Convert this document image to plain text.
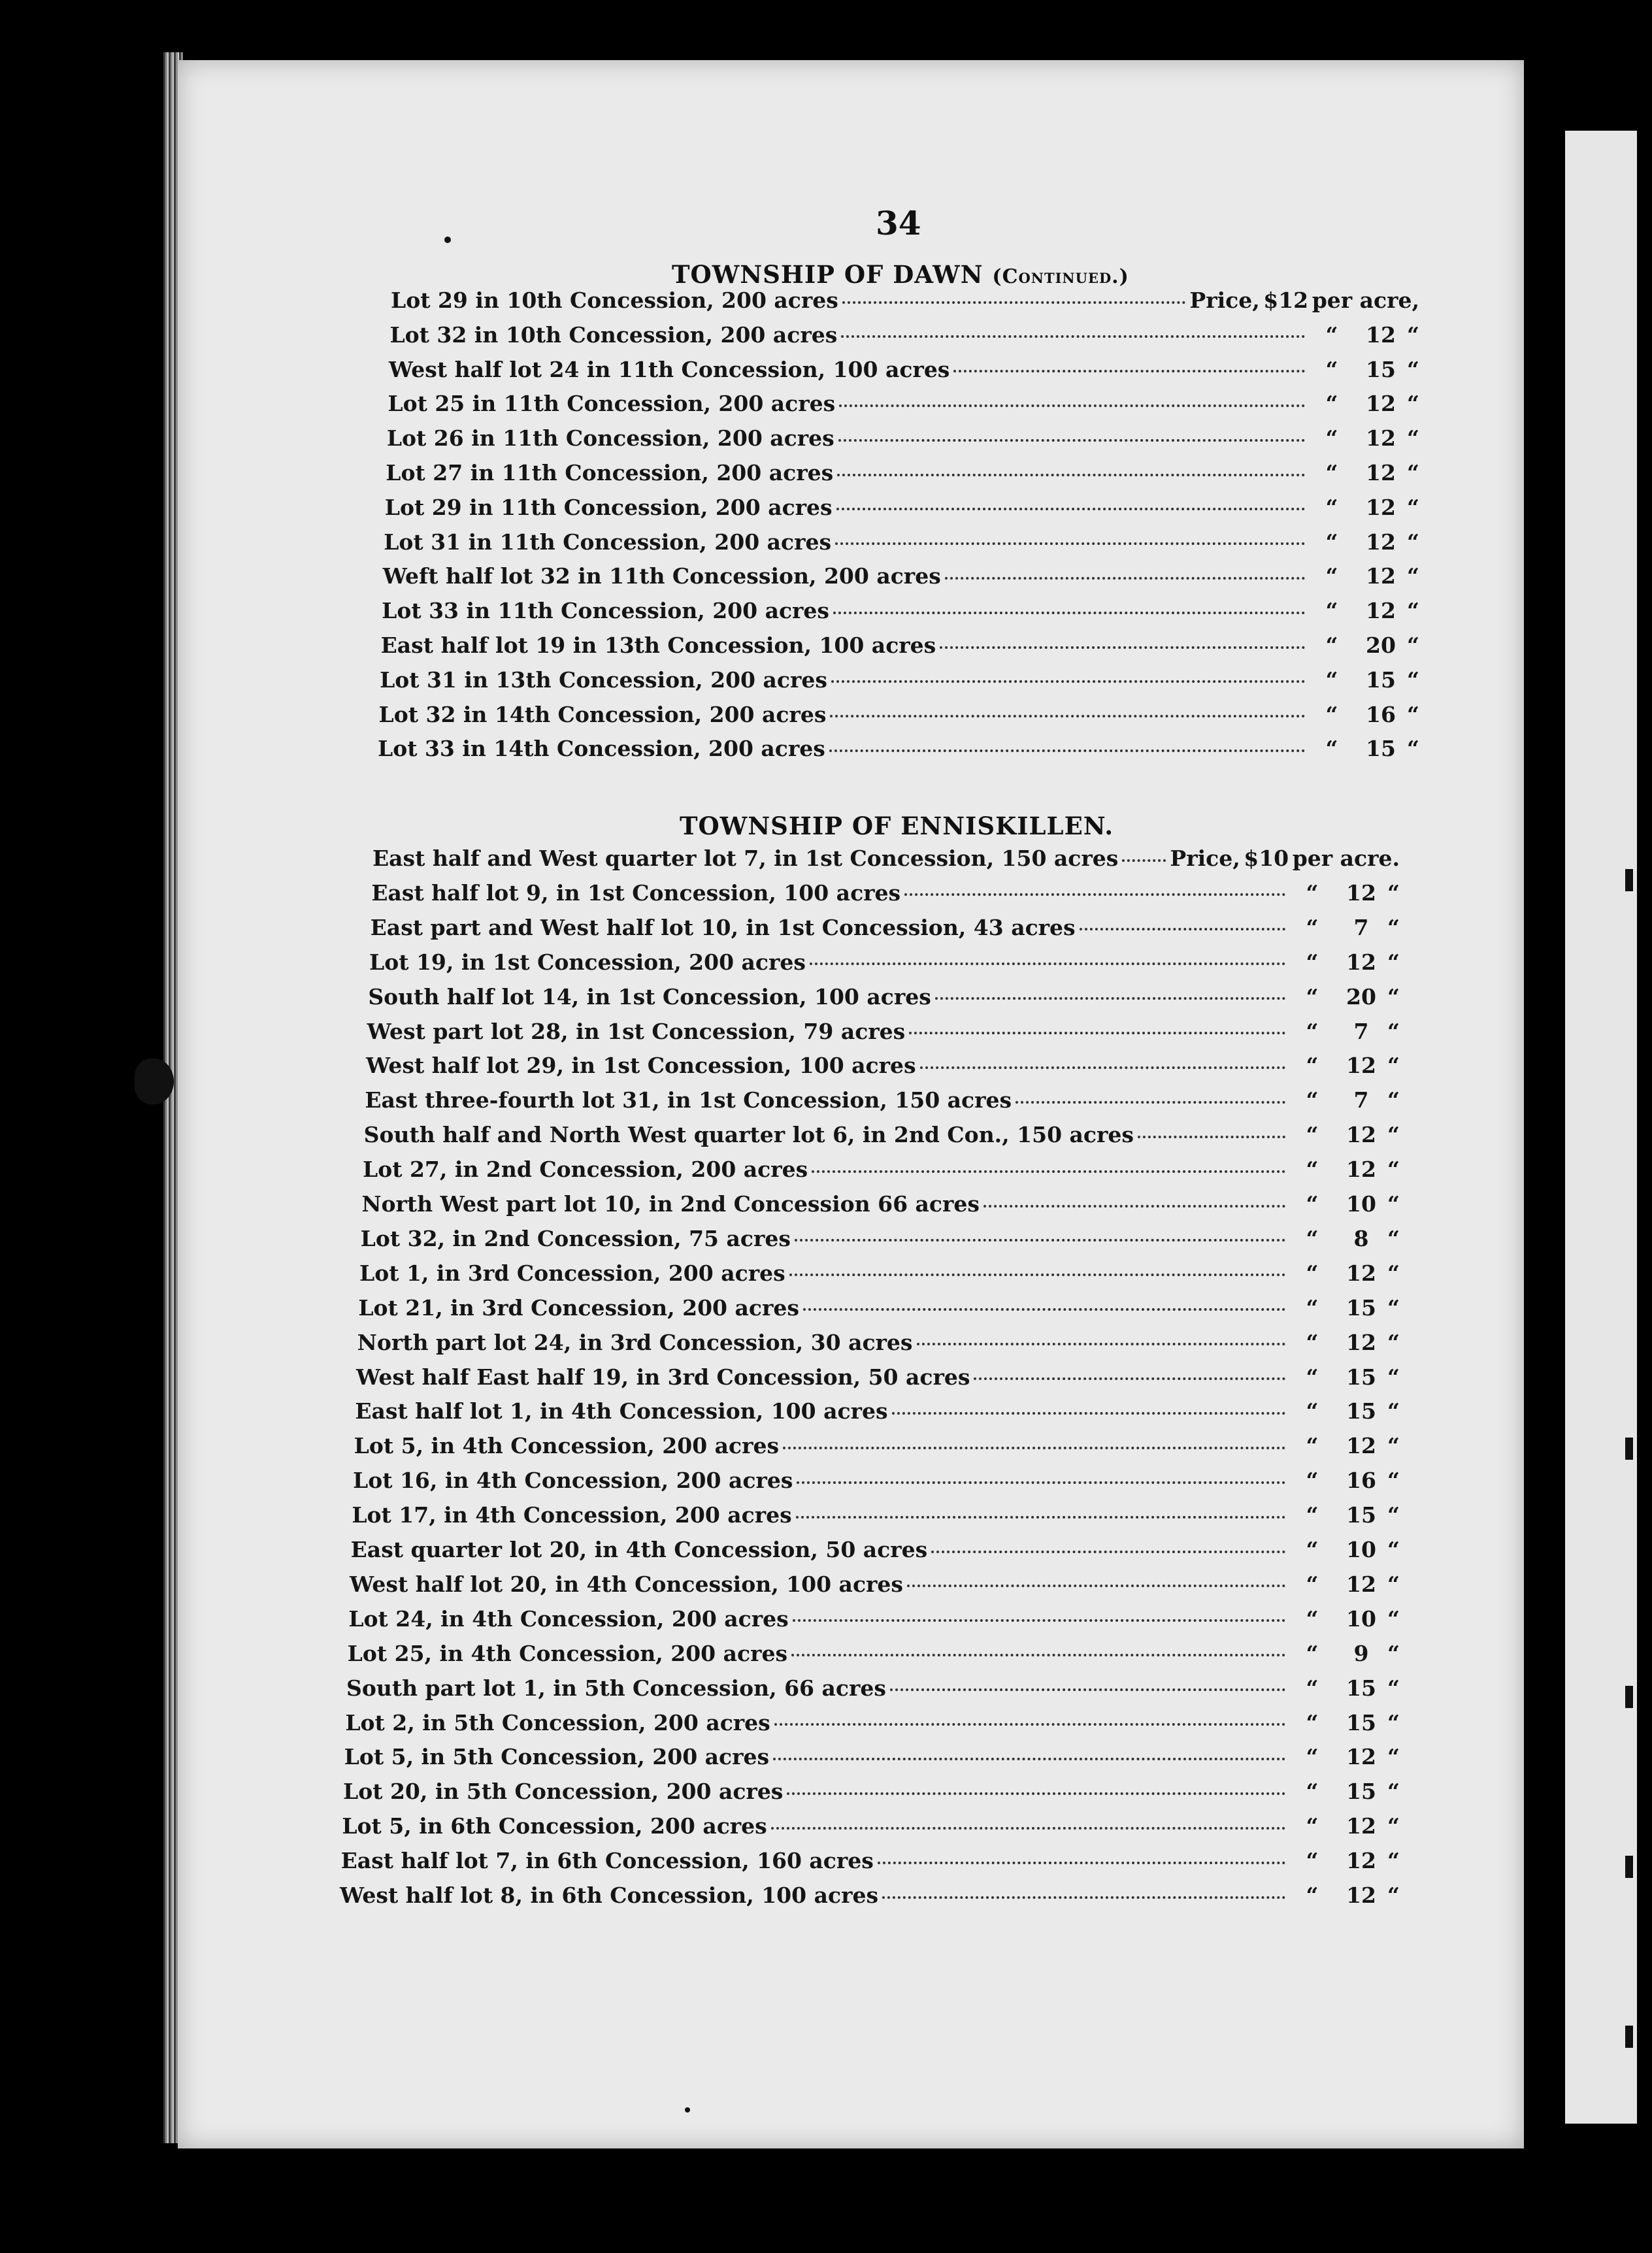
34
TOWNSHIP OF DAWN (Continued.)
Lot 29 in 10th Concession, 200 acres	Price, $12 per acre,
Lot 32 in 10th Concession, 200 acres	“	12 “
West half lot 24 in 11th Concession, 100 acres	“	15 “
Lot 25 in 11th Concession, 200 acres	“	12 “
Lot 26 in 11th Concession, 200 acres	“	12 “
Lot 27 in 11th Concession, 200 acres	“	12 “
Lot 29 in 11th Concession, 200 acres	“	12 “
Lot 31 in 11th Concession, 200 acres	“	12 “
Weft half lot 32 in 11th Concession, 200 acres	“	12 “
Lot 33 in 11th Concession, 200 acres	“	12 “
East half lot 19 in 13th Concession, 100 acres	“	20 “
Lot 31 in 13th Concession, 200 acres	“	15 “
Lot 32 in 14th Concession, 200 acres	“	16 “
Lot 33 in 14th Concession, 200 acres	“	15 “
TOWNSHIP OF ENNISKILLEN.
East half and West quarter lot 7, in 1st Concession, 150 acres Price, $10 per acre.
East half lot 9, in 1st Concession, 100 acres	“	12 “
East part and West half lot 10, in 1st Concession, 43 acres	“	7 “
Lot 19, in 1st Concession, 200 acres	“	12 “
South half lot 14, in 1st Concession, 100 acres	“	20 “
West part lot 28, in 1st Concession, 79 acres	“	7 “
West half lot 29, in 1st Concession, 100 acres	“	12 “
East three-fourth lot 31, in 1st Concession, 150 acres	“	7 “
South half and North West quarter lot 6, in 2nd Con., 150 acres	“	12 “
Lot 27, in 2nd Concession, 200 acres	“	12 “
North West part lot 10, in 2nd Concession 66 acres	“	10 “
Lot 32, in 2nd Concession, 75 acres	“	8 “
Lot 1, in 3rd Concession, 200 acres	“	12 “
Lot 21, in 3rd Concession, 200 acres	“	15 “
North part lot 24, in 3rd Concession, 30 acres	“	12 “
West half East half 19, in 3rd Concession, 50 acres	“	15 “
East half lot 1, in 4th Concession, 100 acres	“	15 “
Lot 5, in 4th Concession, 200 acres	“	12 “
Lot 16, in 4th Concession, 200 acres	“	16 “
Lot 17, in 4th Concession, 200 acres	“	15 “
East quarter lot 20, in 4th Concession, 50 acres	“	10 “
West half lot 20, in 4th Concession, 100 acres	“	12 “
Lot 24, in 4th Concession, 200 acres	“	10 “
Lot 25, in 4th Concession, 200 acres	“	9 “
South part lot 1, in 5th Concession, 66 acres	“	15 “
Lot 2, in 5th Concession, 200 acres	“	15 “
Lot 5, in 5th Concession, 200 acres	“	12 “
Lot 20, in 5th Concession, 200 acres	“	15 “
Lot 5, in 6th Concession, 200 acres	“	12 “
East half lot 7, in 6th Concession, 160 acres	“	12 “
West half lot 8, in 6th Concession, 100 acres	“	12 “
